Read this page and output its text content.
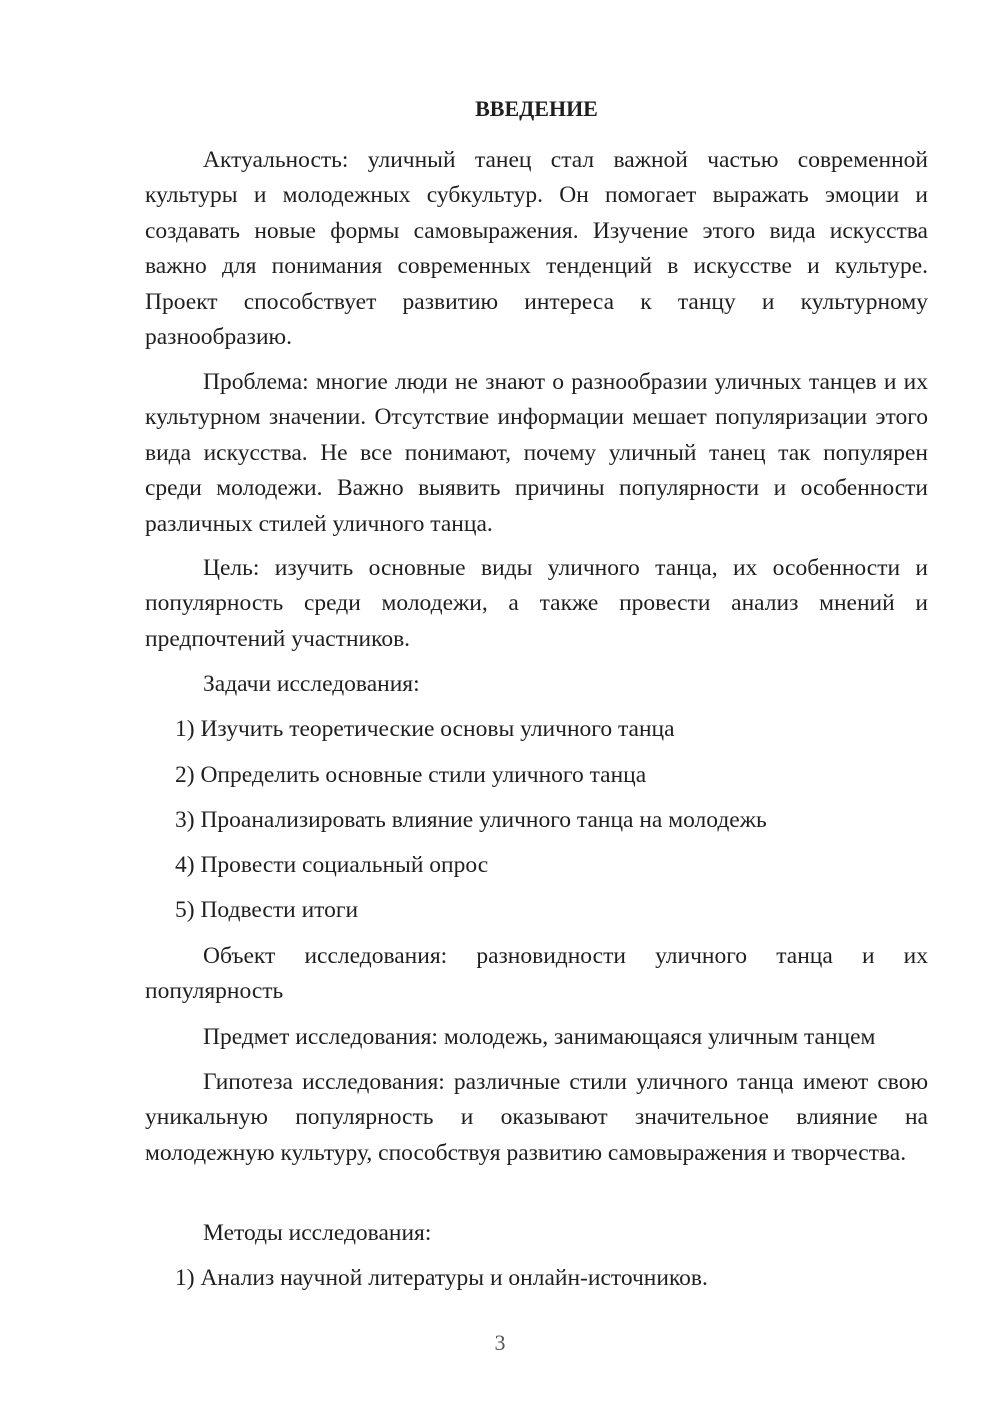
ВВЕДЕНИЕ

Актуальность: уличный танец стал важной частью современной культуры и молодежных субкультур. Он помогает выражать эмоции и создавать новые формы самовыражения. Изучение этого вида искусства важно для понимания современных тенденций в искусстве и культуре. Проект способствует развитию интереса к танцу и культурному разнообразию.

Проблема: многие люди не знают о разнообразии уличных танцев и их культурном значении. Отсутствие информации мешает популяризации этого вида искусства. Не все понимают, почему уличный танец так популярен среди молодежи. Важно выявить причины популярности и особенности различных стилей уличного танца.

Цель: изучить основные виды уличного танца, их особенности и популярность среди молодежи, а также провести анализ мнений и предпочтений участников.

Задачи исследования:

1) Изучить теоретические основы уличного танца

2) Определить основные стили уличного танца

3) Проанализировать влияние уличного танца на молодежь

4) Провести социальный опрос

5) Подвести итоги

Объект исследования: разновидности уличного танца и их популярность

Предмет исследования: молодежь, занимающаяся уличным танцем

Гипотеза исследования: различные стили уличного танца имеют свою уникальную популярность и оказывают значительное влияние на молодежную культуру, способствуя развитию самовыражения и творчества.

Методы исследования:

1) Анализ научной литературы и онлайн-источников.

3
